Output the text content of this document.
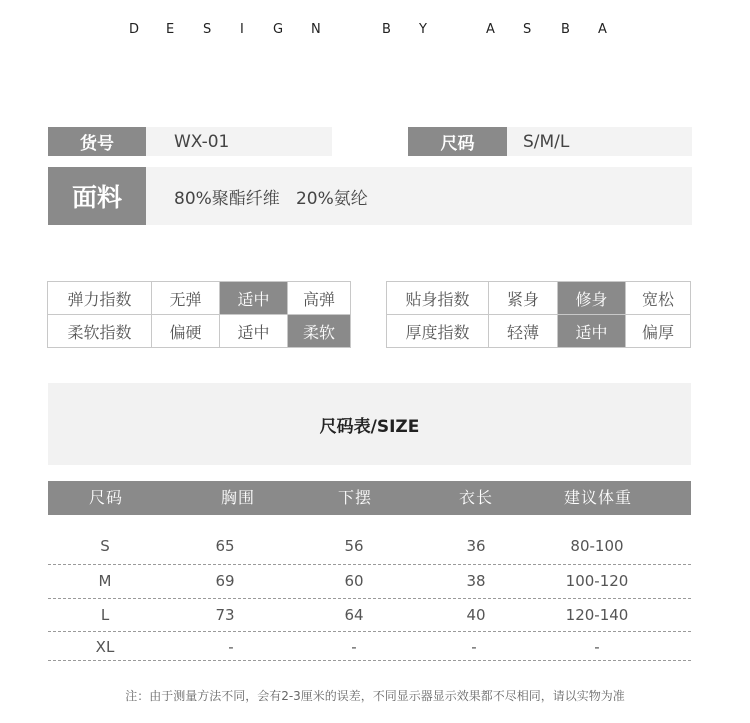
D E S I G N	B Y	A S B A
货号	WX-01	尺码	S/M/L
面料	80%聚酯纤维   20%氨纶
弹力指数	无弹	适中	高弹
柔软指数	偏硬	适中	柔软
贴身指数	紧身	修身	宽松
厚度指数	轻薄	适中	偏厚
尺码表/SIZE
尺码	胸围	下摆	衣长	建议体重
S	65	56	36	80-100
M	69	60	38	100-120
L	73	64	40	120-140
XL	-	-	-	-
注：由于测量方法不同，会有2-3厘米的误差，不同显示器显示效果都不尽相同，请以实物为准
